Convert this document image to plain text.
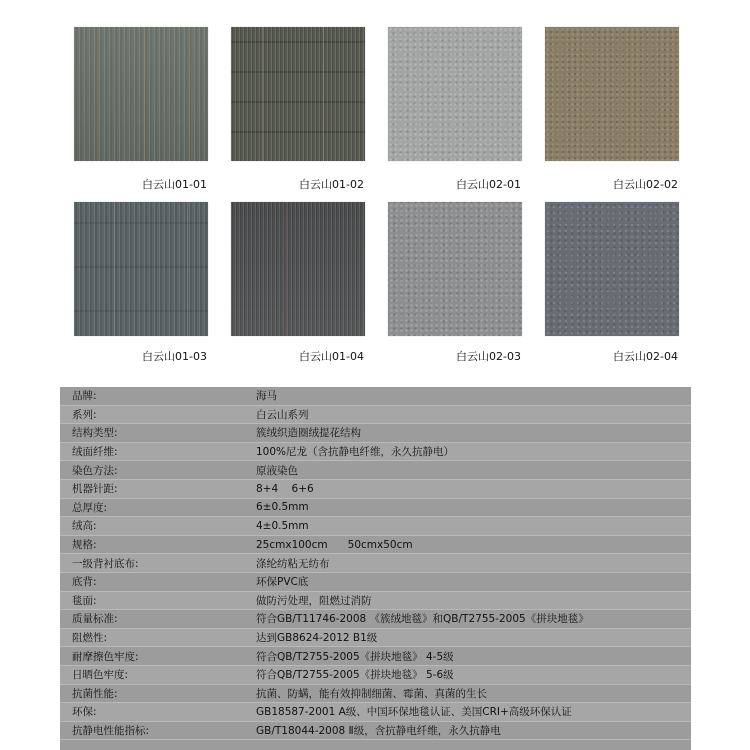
白云山01-01	白云山01-02	白云山02-01	白云山02-02
白云山01-03	白云山01-04	白云山02-03	白云山02-04
品牌:	海马
系列:	白云山系列
结构类型:	簇绒织造圈绒提花结构
绒面纤维:	100%尼龙（含抗静电纤维，永久抗静电）
染色方法:	原液染色
机器针距:	8+4    6+6
总厚度:	6±0.5mm
绒高:	4±0.5mm
规格:	25cmx100cm      50cmx50cm
一级背衬底布:	涤纶纺粘无纺布
底背:	环保PVC底
毯面:	做防污处理，阻燃过消防
质量标准:	符合GB/T11746-2008 《簇绒地毯》和QB/T2755-2005《拼块地毯》
阻燃性:	达到GB8624-2012 B1级
耐摩擦色牢度:	符合QB/T2755-2005《拼块地毯》 4-5级
日晒色牢度:	符合QB/T2755-2005《拼块地毯》 5-6级
抗菌性能:	抗菌、防螨，能有效抑制细菌、霉菌、真菌的生长
环保:	GB18587-2001 A级、中国环保地毯认证、美国CRI+高级环保认证
抗静电性能指标:	GB/T18044-2008 Ⅱ级，含抗静电纤维，永久抗静电
